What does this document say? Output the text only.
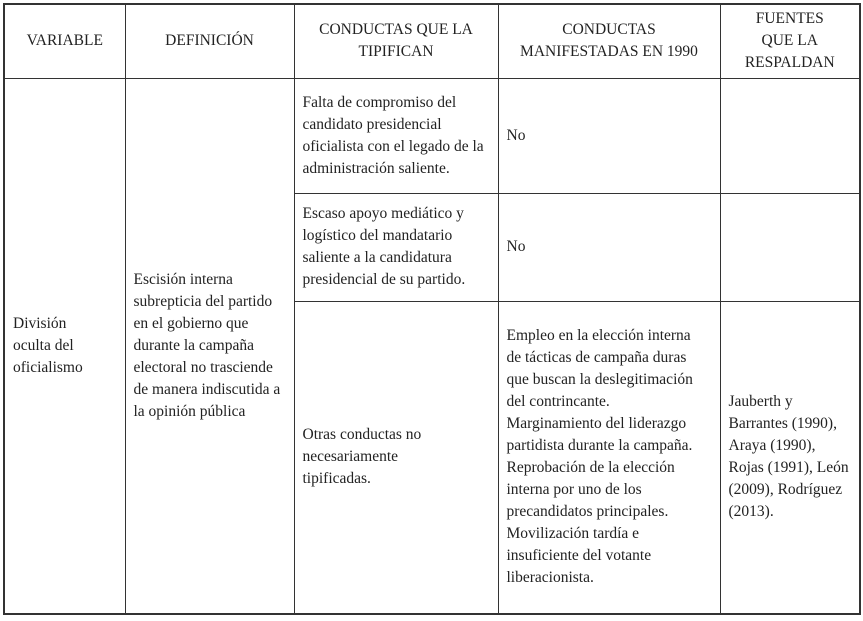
VARIABLE	DEFINICIÓN	CONDUCTAS QUE LA TIPIFICAN	CONDUCTAS MANIFESTADAS EN 1990	FUENTES QUE LA RESPALDAN

División oculta del oficialismo	Escisión interna subrepticia del partido en el gobierno que durante la campaña electoral no trasciende de manera indiscutida a la opinión pública	Falta de compromiso del candidato presidencial oficialista con el legado de la administración saliente.	No	

		Escaso apoyo mediático y logístico del mandatario saliente a la candidatura presidencial de su partido.	No	

		Otras conductas no necesariamente tipificadas.	Empleo en la elección interna de tácticas de campaña duras que buscan la deslegitimación del contrincante. Marginamiento del liderazgo partidista durante la campaña. Reprobación de la elección interna por uno de los precandidatos principales. Movilización tardía e insuficiente del votante liberacionista.	Jauberth y Barrantes (1990), Araya (1990), Rojas (1991), León (2009), Rodríguez (2013).
